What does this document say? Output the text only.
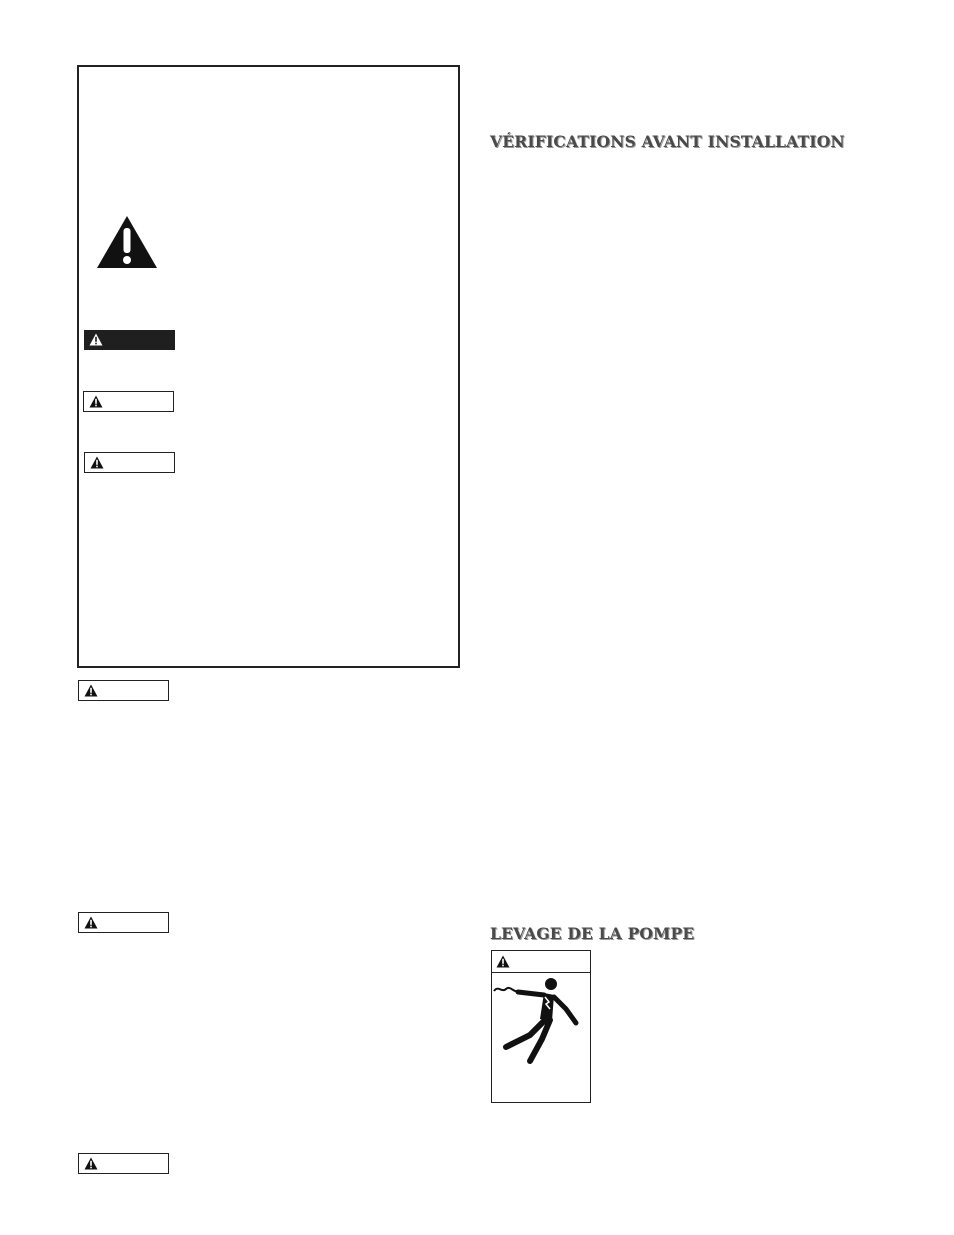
VÉRIFICATIONS AVANT INSTALLATION
LEVAGE DE LA POMPE
